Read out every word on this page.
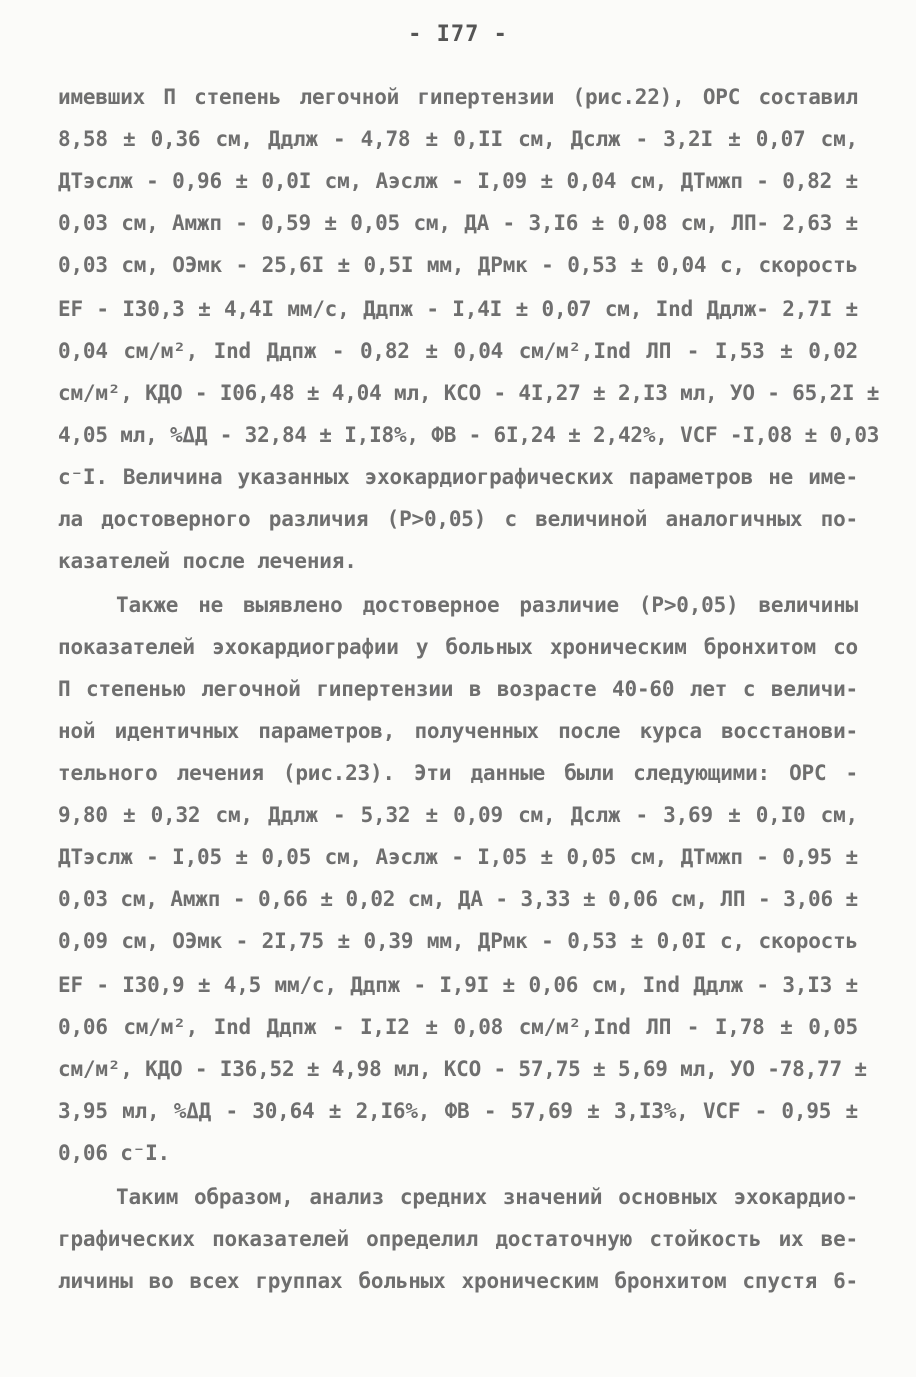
- I77 -
имевших П степень легочной гипертензии (рис.22), ОРС составил
8,58 ± 0,36 см, Ддлж - 4,78 ± 0,II см, Дслж - 3,2I ± 0,07 см,
ДТэслж - 0,96 ± 0,0I см, Аэслж - I,09 ± 0,04 см, ДТмжп - 0,82 ±
0,03 см, Амжп - 0,59 ± 0,05 см, ДА - 3,I6 ± 0,08 см, ЛП- 2,63 ±
0,03 см, ОЭмк - 25,6I ± 0,5I мм, ДРмк - 0,53 ± 0,04 с, скорость
EF - I30,3 ± 4,4I мм/с, Ддпж - I,4I ± 0,07 см, Ind Ддлж- 2,7I ±
0,04 см/м², Ind Ддпж - 0,82 ± 0,04 см/м²,Ind ЛП - I,53 ± 0,02
см/м², КДО - I06,48 ± 4,04 мл, КСО - 4I,27 ± 2,I3 мл, УО - 65,2I ±
4,05 мл, %ΔД - 32,84 ± I,I8%, ФВ - 6I,24 ± 2,42%, VCF -I,08 ± 0,03
с⁻I. Величина указанных эхокардиографических параметров не име-
ла достоверного различия (Р>0,05) с величиной аналогичных по-
казателей после лечения.
Также не выявлено достоверное различие (Р>0,05) величины
показателей эхокардиографии у больных хроническим бронхитом со
П степенью легочной гипертензии в возрасте 40-60 лет с величи-
ной идентичных параметров, полученных после курса восстанови-
тельного лечения (рис.23). Эти данные были следующими: ОРС -
9,80 ± 0,32 см, Ддлж - 5,32 ± 0,09 см, Дслж - 3,69 ± 0,I0 см,
ДТэслж - I,05 ± 0,05 см, Аэслж - I,05 ± 0,05 см, ДТмжп - 0,95 ±
0,03 см, Амжп - 0,66 ± 0,02 см, ДА - 3,33 ± 0,06 см, ЛП - 3,06 ±
0,09 см, ОЭмк - 2I,75 ± 0,39 мм, ДРмк - 0,53 ± 0,0I с, скорость
EF - I30,9 ± 4,5 мм/с, Ддпж - I,9I ± 0,06 см, Ind Ддлж - 3,I3 ±
0,06 см/м², Ind Ддпж - I,I2 ± 0,08 см/м²,Ind ЛП - I,78 ± 0,05
см/м², КДО - I36,52 ± 4,98 мл, КСО - 57,75 ± 5,69 мл, УО -78,77 ±
3,95 мл, %ΔД - 30,64 ± 2,I6%, ФВ - 57,69 ± 3,I3%, VCF - 0,95 ±
0,06 с⁻I.
Таким образом, анализ средних значений основных эхокардио-
графических показателей определил достаточную стойкость их ве-
личины во всех группах больных хроническим бронхитом спустя 6-
